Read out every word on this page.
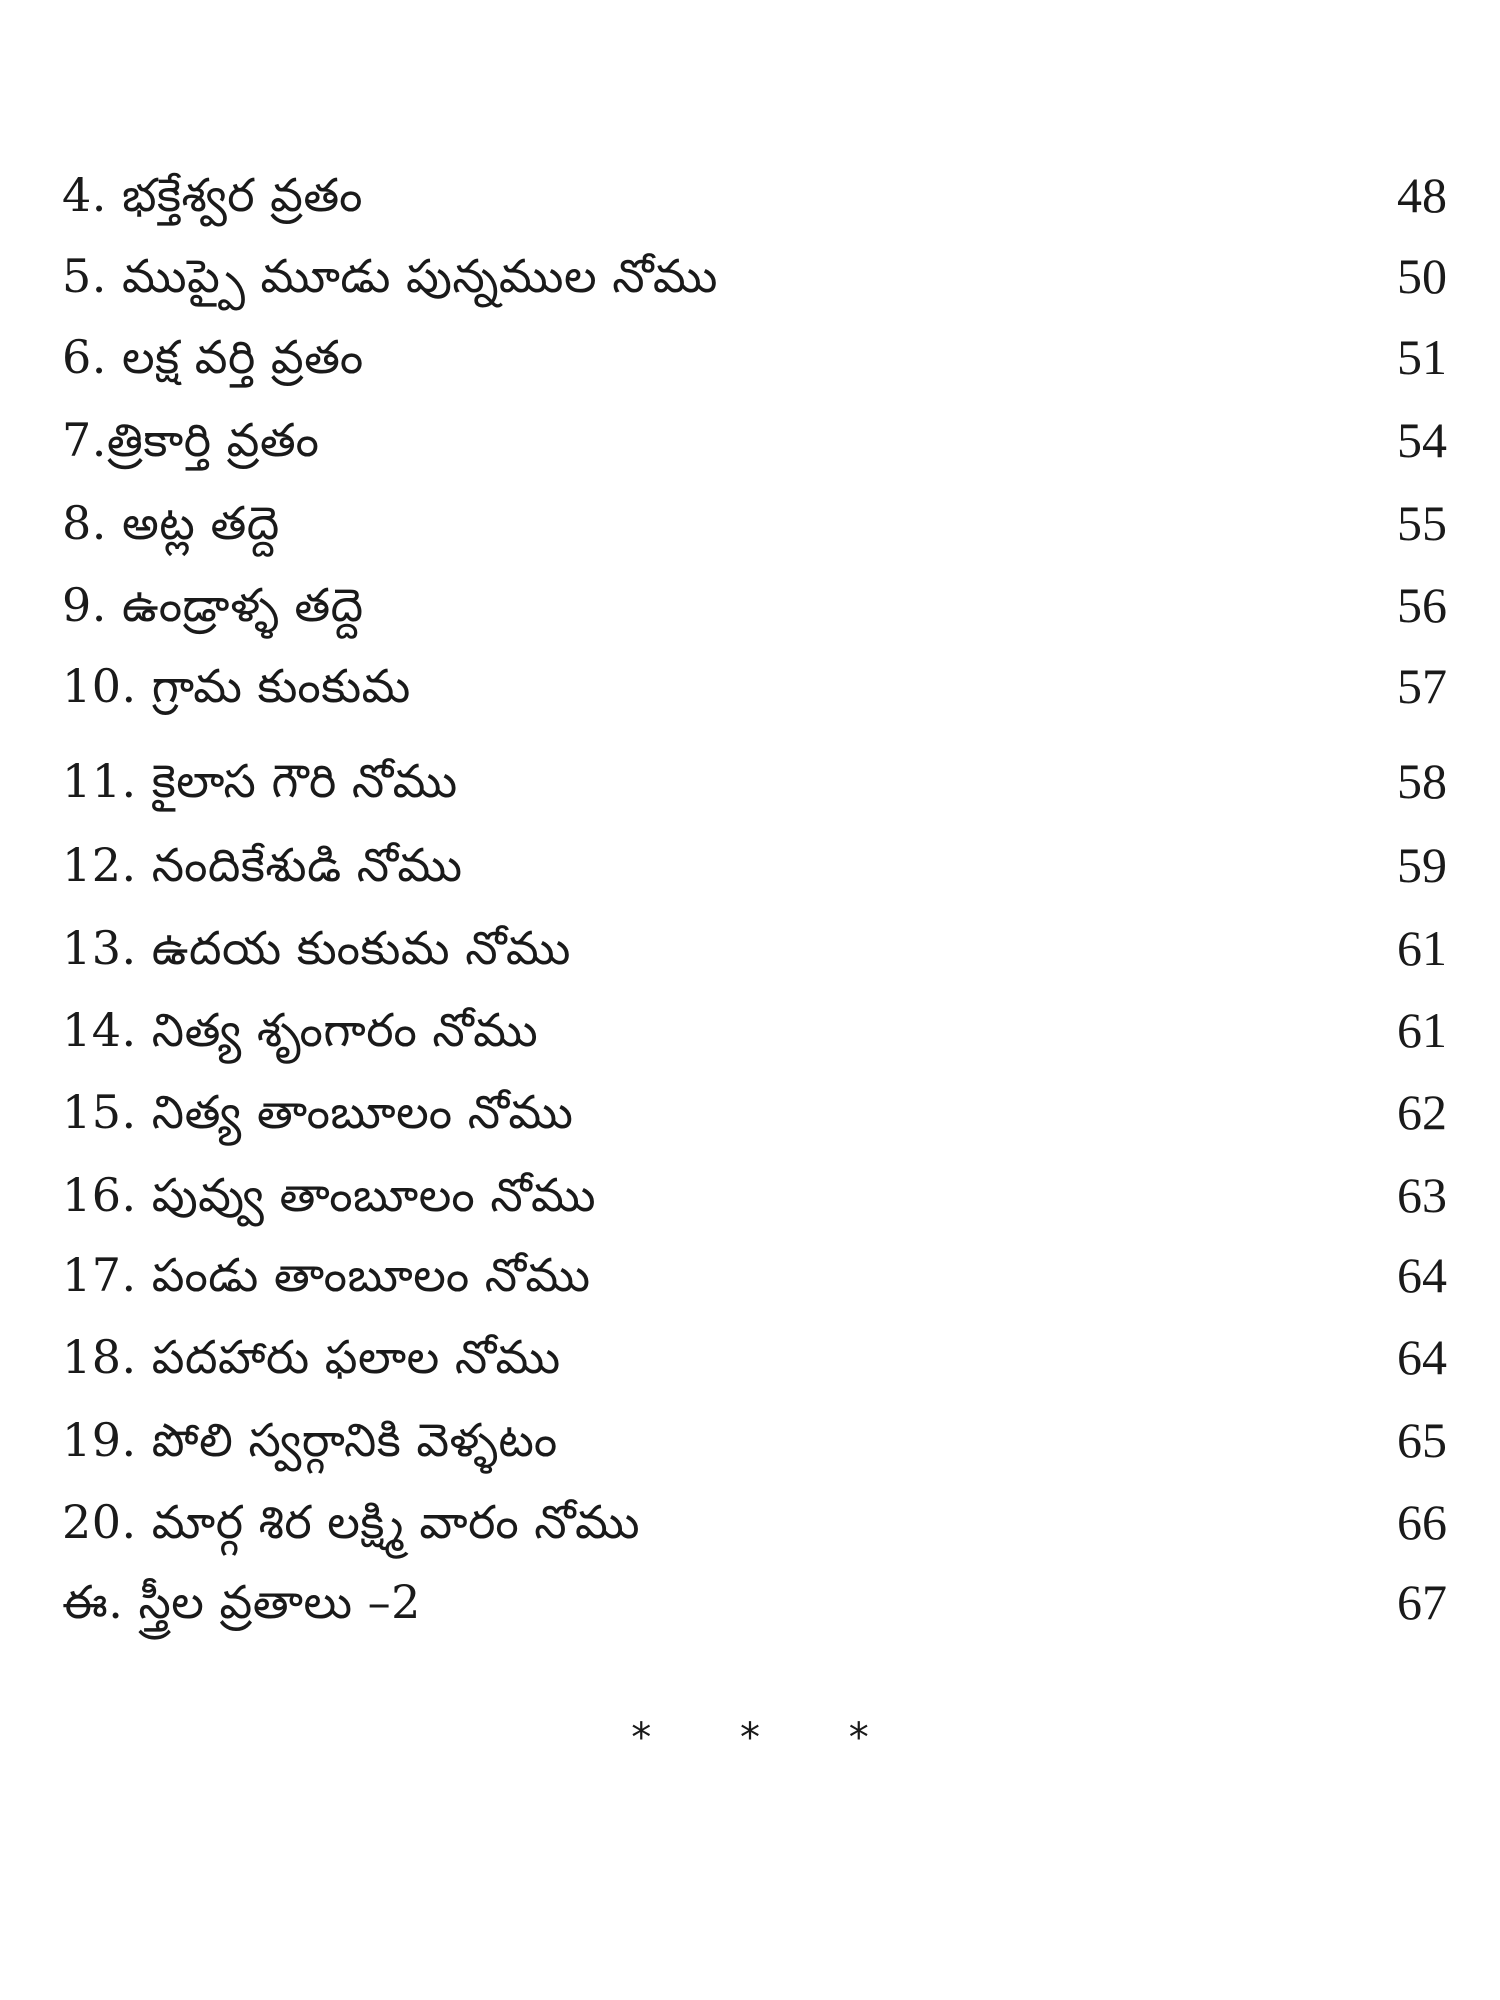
4. భక్తేశ్వర వ్రతం	48
5. ముప్పై మూడు పున్నముల నోము	50
6. లక్ష వర్తి వ్రతం	51
7.త్రికార్తి వ్రతం	54
8. అట్ల తద్దె	55
9. ఉండ్రాళ్ళ తద్దె	56
10. గ్రామ కుంకుమ	57
11. కైలాస గౌరి నోము	58
12. నందికేశుడి నోము	59
13. ఉదయ కుంకుమ నోము	61
14. నిత్య శృంగారం నోము	61
15. నిత్య తాంబూలం నోము	62
16. పువ్వు తాంబూలం నోము	63
17. పండు తాంబూలం నోము	64
18. పదహారు ఫలాల నోము	64
19. పోలి స్వర్గానికి వెళ్ళటం	65
20. మార్గ శిర లక్ష్మి వారం నోము	66
ఈ. స్త్రీల వ్రతాలు –2	67
* * *
